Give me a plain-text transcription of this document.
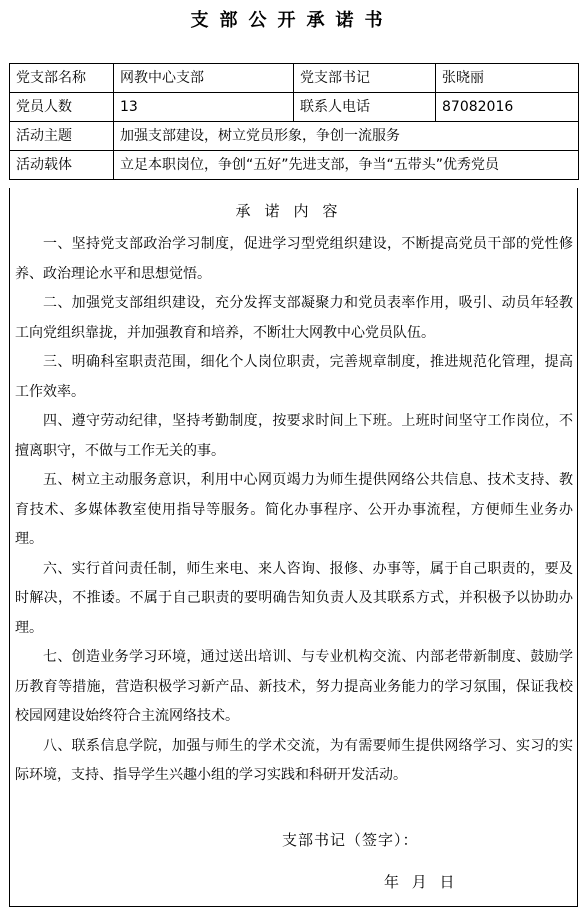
支部公开承诺书
党支部名称	网教中心支部	党支部书记	张晓丽
党员人数	13	联系人电话	87082016
活动主题	加强支部建设，树立党员形象，争创一流服务		
活动载体	立足本职岗位，争创“五好”先进支部，争当“五带头”优秀党员		
承诺内容

一、坚持党支部政治学习制度，促进学习型党组织建设，不断提高党员干部的党性修养、政治理论水平和思想觉悟。

二、加强党支部组织建设，充分发挥支部凝聚力和党员表率作用，吸引、动员年轻教工向党组织靠拢，并加强教育和培养，不断壮大网教中心党员队伍。

三、明确科室职责范围，细化个人岗位职责，完善规章制度，推进规范化管理，提高工作效率。

四、遵守劳动纪律，坚持考勤制度，按要求时间上下班。上班时间坚守工作岗位，不擅离职守，不做与工作无关的事。

五、树立主动服务意识，利用中心网页竭力为师生提供网络公共信息、技术支持、教育技术、多媒体教室使用指导等服务。简化办事程序、公开办事流程，方便师生业务办理。

六、实行首问责任制，师生来电、来人咨询、报修、办事等，属于自己职责的，要及时解决，不推诿。不属于自己职责的要明确告知负责人及其联系方式，并积极予以协助办理。

七、创造业务学习环境，通过送出培训、与专业机构交流、内部老带新制度、鼓励学历教育等措施，营造积极学习新产品、新技术，努力提高业务能力的学习氛围，保证我校校园网建设始终符合主流网络技术。

八、联系信息学院，加强与师生的学术交流，为有需要师生提供网络学习、实习的实际环境，支持、指导学生兴趣小组的学习实践和科研开发活动。

支部书记（签字）：
年 月 日
